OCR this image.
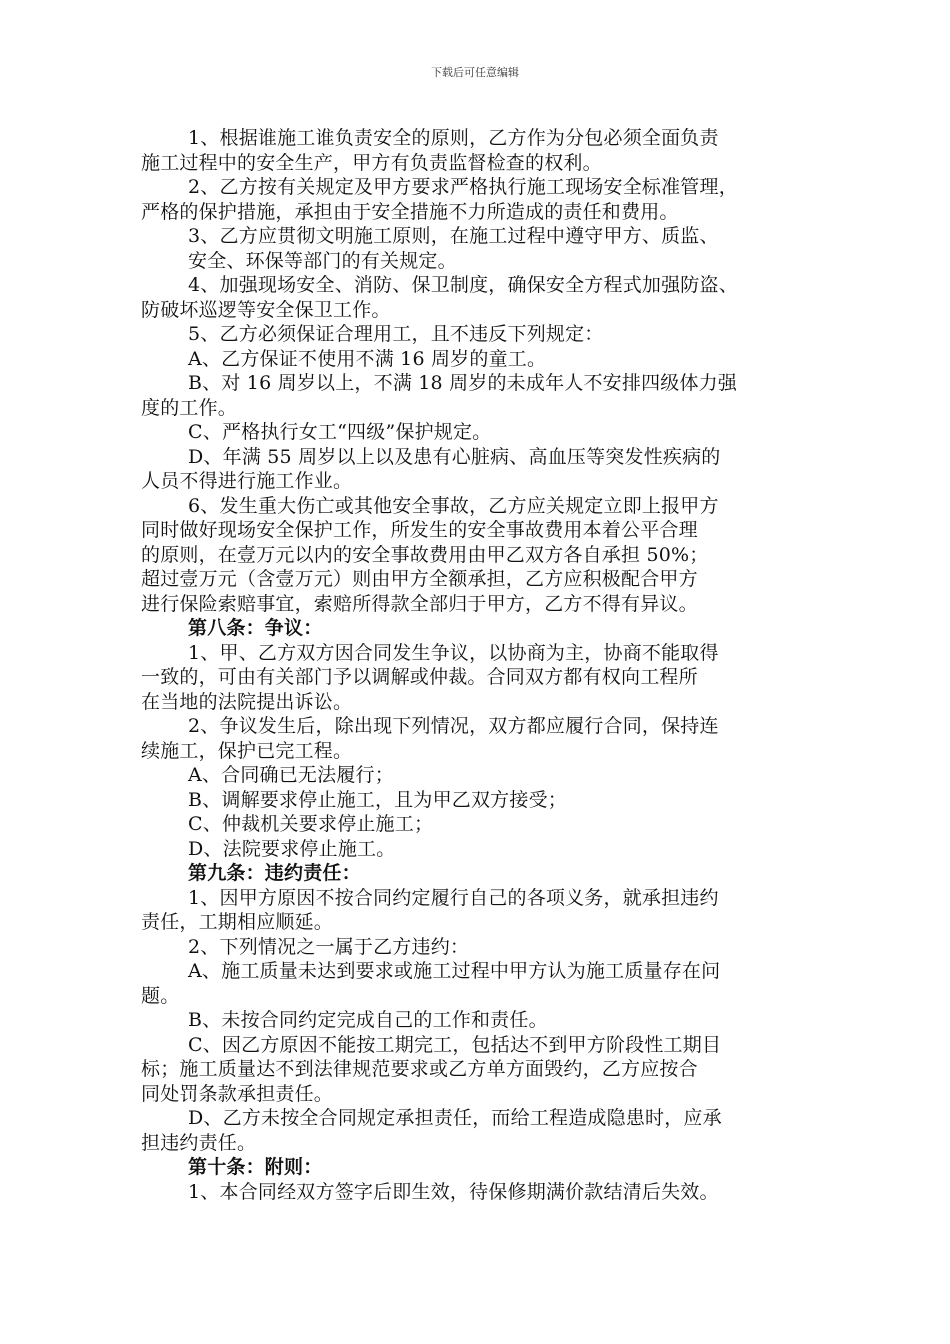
下载后可任意编辑
1、根据谁施工谁负责安全的原则，乙方作为分包必须全面负责
施工过程中的安全生产，甲方有负责监督检查的权利。
2、乙方按有关规定及甲方要求严格执行施工现场安全标准管理，
严格的保护措施，承担由于安全措施不力所造成的责任和费用。
3、乙方应贯彻文明施工原则，在施工过程中遵守甲方、质监、
安全、环保等部门的有关规定。
4、加强现场安全、消防、保卫制度，确保安全方程式加强防盗、
防破坏巡逻等安全保卫工作。
5、乙方必须保证合理用工，且不违反下列规定：
A、乙方保证不使用不满 16 周岁的童工。
B、对 16 周岁以上，不满 18 周岁的未成年人不安排四级体力强
度的工作。
C、严格执行女工“四级”保护规定。
D、年满 55 周岁以上以及患有心脏病、高血压等突发性疾病的
人员不得进行施工作业。
6、发生重大伤亡或其他安全事故，乙方应关规定立即上报甲方
同时做好现场安全保护工作，所发生的安全事故费用本着公平合理
的原则，在壹万元以内的安全事故费用由甲乙双方各自承担 50%；
超过壹万元（含壹万元）则由甲方全额承担，乙方应积极配合甲方
进行保险索赔事宜，索赔所得款全部归于甲方，乙方不得有异议。
第八条：争议：
1、甲、乙方双方因合同发生争议，以协商为主，协商不能取得
一致的，可由有关部门予以调解或仲裁。合同双方都有权向工程所
在当地的法院提出诉讼。
2、争议发生后，除出现下列情况，双方都应履行合同，保持连
续施工，保护已完工程。
A、合同确已无法履行；
B、调解要求停止施工，且为甲乙双方接受；
C、仲裁机关要求停止施工；
D、法院要求停止施工。
第九条：违约责任：
1、因甲方原因不按合同约定履行自己的各项义务，就承担违约
责任，工期相应顺延。
2、下列情况之一属于乙方违约：
A、施工质量未达到要求或施工过程中甲方认为施工质量存在问
题。
B、未按合同约定完成自己的工作和责任。
C、因乙方原因不能按工期完工，包括达不到甲方阶段性工期目
标；施工质量达不到法律规范要求或乙方单方面毁约，乙方应按合
同处罚条款承担责任。
D、乙方未按全合同规定承担责任，而给工程造成隐患时，应承
担违约责任。
第十条：附则：
1、本合同经双方签字后即生效，待保修期满价款结清后失效。
